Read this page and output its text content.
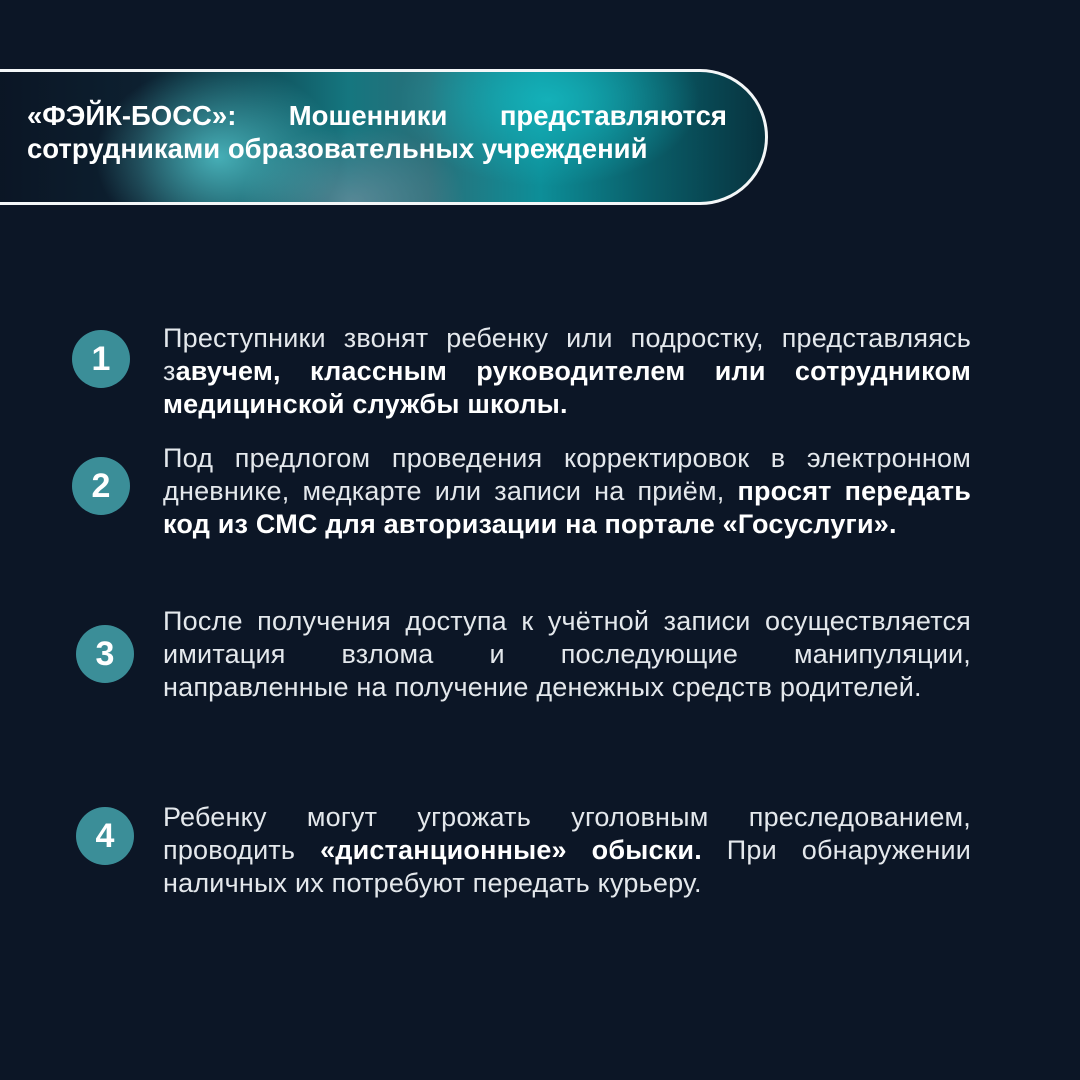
«ФЭЙК-БОСС»: Мошенники представляются
сотрудниками образовательных учреждений
1
Преступники звонят ребенку или подростку, представляясь завучем, классным руководителем или сотрудником медицинской службы школы.
2
Под предлогом проведения корректировок в электронном дневнике, медкарте или записи на приём, просят передать код из СМС для авторизации на портале «Госуслуги».
3
После получения доступа к учётной записи осуществляется имитация взлома и последующие манипуляции, направленные на получение денежных средств родителей.
4	Ребенку могут угрожать уголовным преследованием, проводить «дистанционные» обыски. При обнаружении наличных их потребуют передать курьеру.
